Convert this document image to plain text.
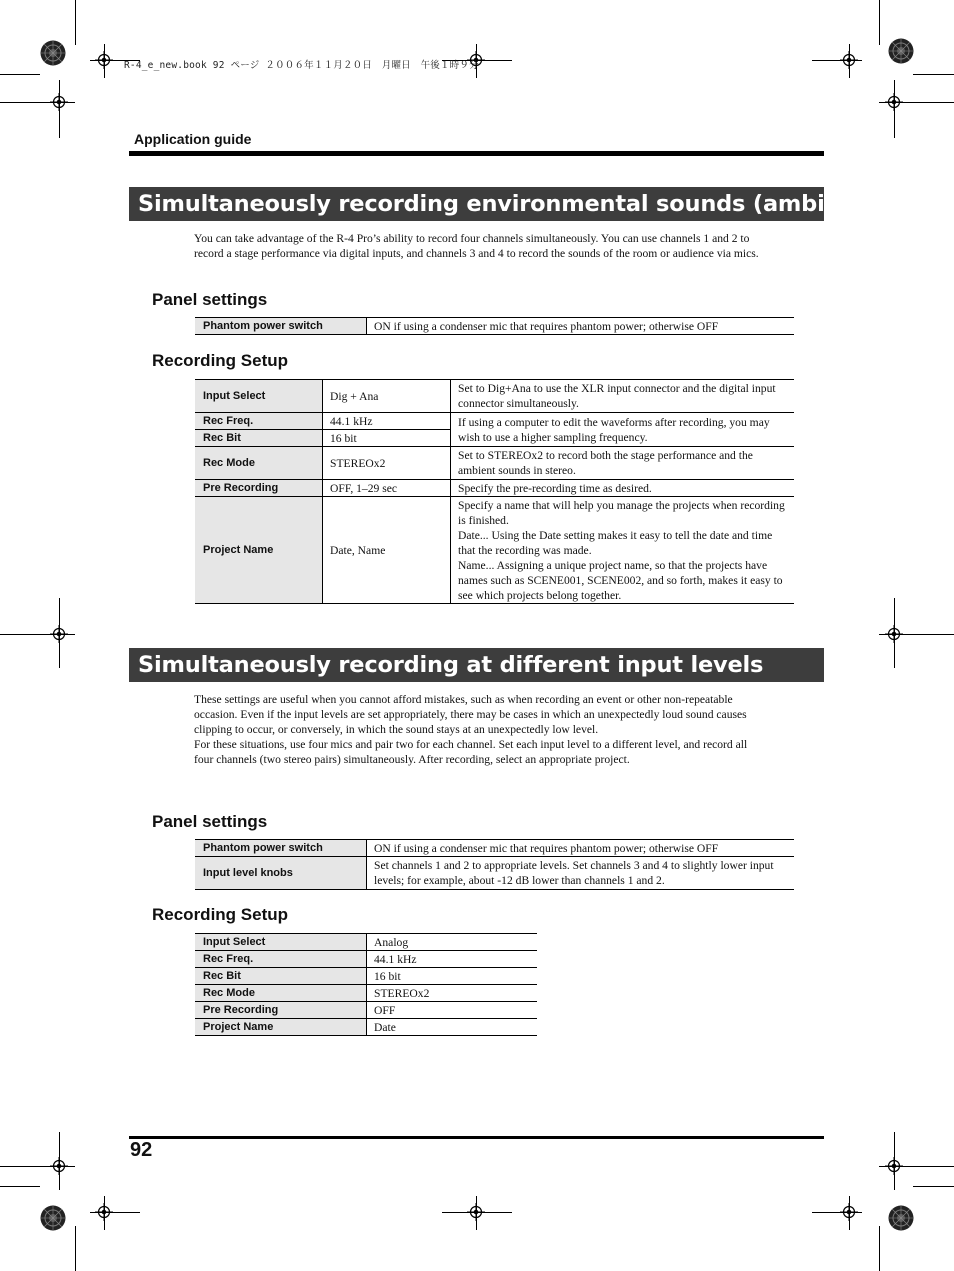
R-4_e_new.book 92 ページ ２００６年１１月２０日　月曜日　午後１時９分
Application guide
Simultaneously recording environmental sounds (ambience)
You can take advantage of the R-4 Pro’s ability to record four channels simultaneously. You can use channels 1 and 2 to record a stage performance via digital inputs, and channels 3 and 4 to record the sounds of the room or audience via mics.
Panel settings
Phantom power switch	ON if using a condenser mic that requires phantom power; otherwise OFF
Recording Setup
Input Select	Dig + Ana	Set to Dig+Ana to use the XLR input connector and the digital input connector simultaneously.
Rec Freq.	44.1 kHz	If using a computer to edit the waveforms after recording, you may wish to use a higher sampling frequency.
Rec Bit	16 bit	
Rec Mode	STEREOx2	Set to STEREOx2 to record both the stage performance and the ambient sounds in stereo.
Pre Recording	OFF, 1–29 sec	Specify the pre-recording time as desired.
Project Name	Date, Name	Specify a name that will help you manage the projects when recording is finished.
Date... Using the Date setting makes it easy to tell the date and time that the recording was made.
Name... Assigning a unique project name, so that the projects have names such as SCENE001, SCENE002, and so forth, makes it easy to see which projects belong together.
Simultaneously recording at different input levels
These settings are useful when you cannot afford mistakes, such as when recording an event or other non-repeatable occasion. Even if the input levels are set appropriately, there may be cases in which an unexpectedly loud sound causes clipping to occur, or conversely, in which the sound stays at an unexpectedly low level.
For these situations, use four mics and pair two for each channel. Set each input level to a different level, and record all four channels (two stereo pairs) simultaneously. After recording, select an appropriate project.
Panel settings
Phantom power switch	ON if using a condenser mic that requires phantom power; otherwise OFF
Input level knobs	Set channels 1 and 2 to appropriate levels. Set channels 3 and 4 to slightly lower input levels; for example, about -12 dB lower than channels 1 and 2.
Recording Setup
Input Select	Analog
Rec Freq.	44.1 kHz
Rec Bit	16 bit
Rec Mode	STEREOx2
Pre Recording	OFF
Project Name	Date
92
